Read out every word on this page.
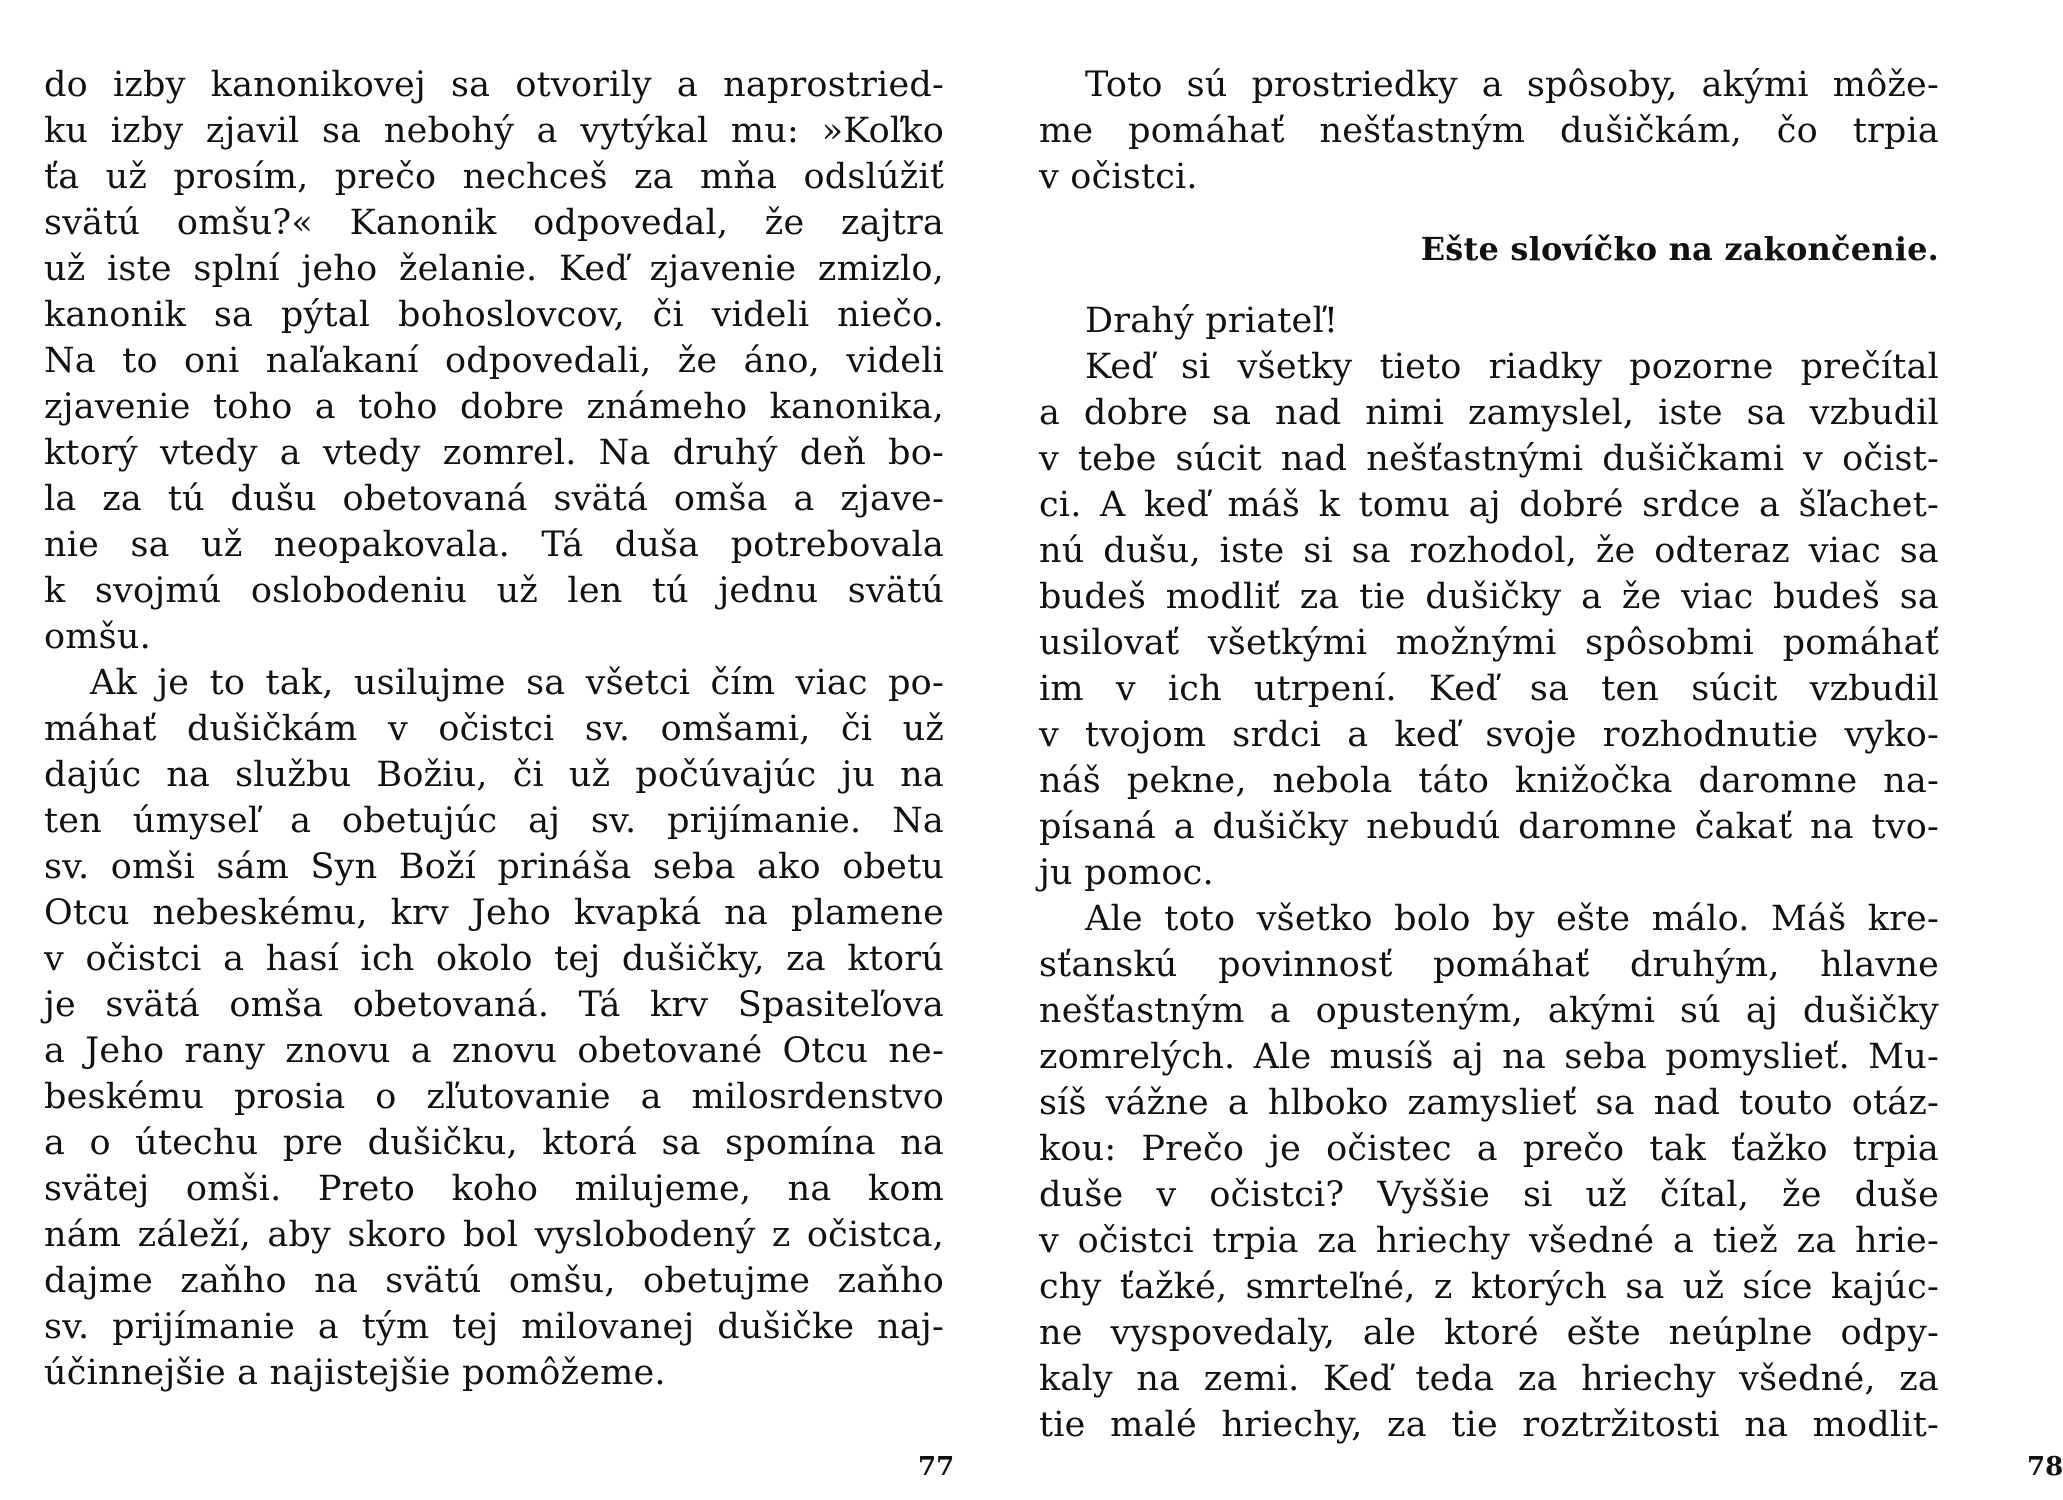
do izby kanonikovej sa otvorily a naprostried-
ku izby zjavil sa nebohý a vytýkal mu: »Koľko
ťa už prosím, prečo nechceš za mňa odslúžiť
svätú omšu?« Kanonik odpovedal, že zajtra
už iste splní jeho želanie. Keď zjavenie zmizlo,
kanonik sa pýtal bohoslovcov, či videli niečo.
Na to oni naľakaní odpovedali, že áno, videli
zjavenie toho a toho dobre známeho kanonika,
ktorý vtedy a vtedy zomrel. Na druhý deň bo-
la za tú dušu obetovaná svätá omša a zjave-
nie sa už neopakovala. Tá duša potrebovala
k svojmú oslobodeniu už len tú jednu svätú
omšu.
Ak je to tak, usilujme sa všetci čím viac po-
máhať dušičkám v očistci sv. omšami, či už
dajúc na službu Božiu, či už počúvajúc ju na
ten úmyseľ a obetujúc aj sv. prijímanie. Na
sv. omši sám Syn Boží prináša seba ako obetu
Otcu nebeskému, krv Jeho kvapká na plamene
v očistci a hasí ich okolo tej dušičky, za ktorú
je svätá omša obetovaná. Tá krv Spasiteľova
a Jeho rany znovu a znovu obetované Otcu ne-
beskému prosia o zľutovanie a milosrdenstvo
a o útechu pre dušičku, ktorá sa spomína na
svätej omši. Preto koho milujeme, na kom
nám záleží, aby skoro bol vyslobodený z očistca,
dajme zaňho na svätú omšu, obetujme zaňho
sv. prijímanie a tým tej milovanej dušičke naj-
účinnejšie a najistejšie pomôžeme.
77
Toto sú prostriedky a spôsoby, akými môže-
me pomáhať nešťastným dušičkám, čo trpia
v očistci.
Ešte slovíčko na zakončenie.
Drahý priateľ!
Keď si všetky tieto riadky pozorne prečítal
a dobre sa nad nimi zamyslel, iste sa vzbudil
v tebe súcit nad nešťastnými dušičkami v očist-
ci. A keď máš k tomu aj dobré srdce a šľachet-
nú dušu, iste si sa rozhodol, že odteraz viac sa
budeš modliť za tie dušičky a že viac budeš sa
usilovať všetkými možnými spôsobmi pomáhať
im v ich utrpení. Keď sa ten súcit vzbudil
v tvojom srdci a keď svoje rozhodnutie vyko-
náš pekne, nebola táto knižočka daromne na-
písaná a dušičky nebudú daromne čakať na tvo-
ju pomoc.
Ale toto všetko bolo by ešte málo. Máš kre-
sťanskú povinnosť pomáhať druhým, hlavne
nešťastným a opusteným, akými sú aj dušičky
zomrelých. Ale musíš aj na seba pomyslieť. Mu-
síš vážne a hlboko zamyslieť sa nad touto otáz-
kou: Prečo je očistec a prečo tak ťažko trpia
duše v očistci? Vyššie si už čítal, že duše
v očistci trpia za hriechy všedné a tiež za hrie-
chy ťažké, smrteľné, z ktorých sa už síce kajúc-
ne vyspovedaly, ale ktoré ešte neúplne odpy-
kaly na zemi. Keď teda za hriechy všedné, za
tie malé hriechy, za tie roztržitosti na modlit-
78
